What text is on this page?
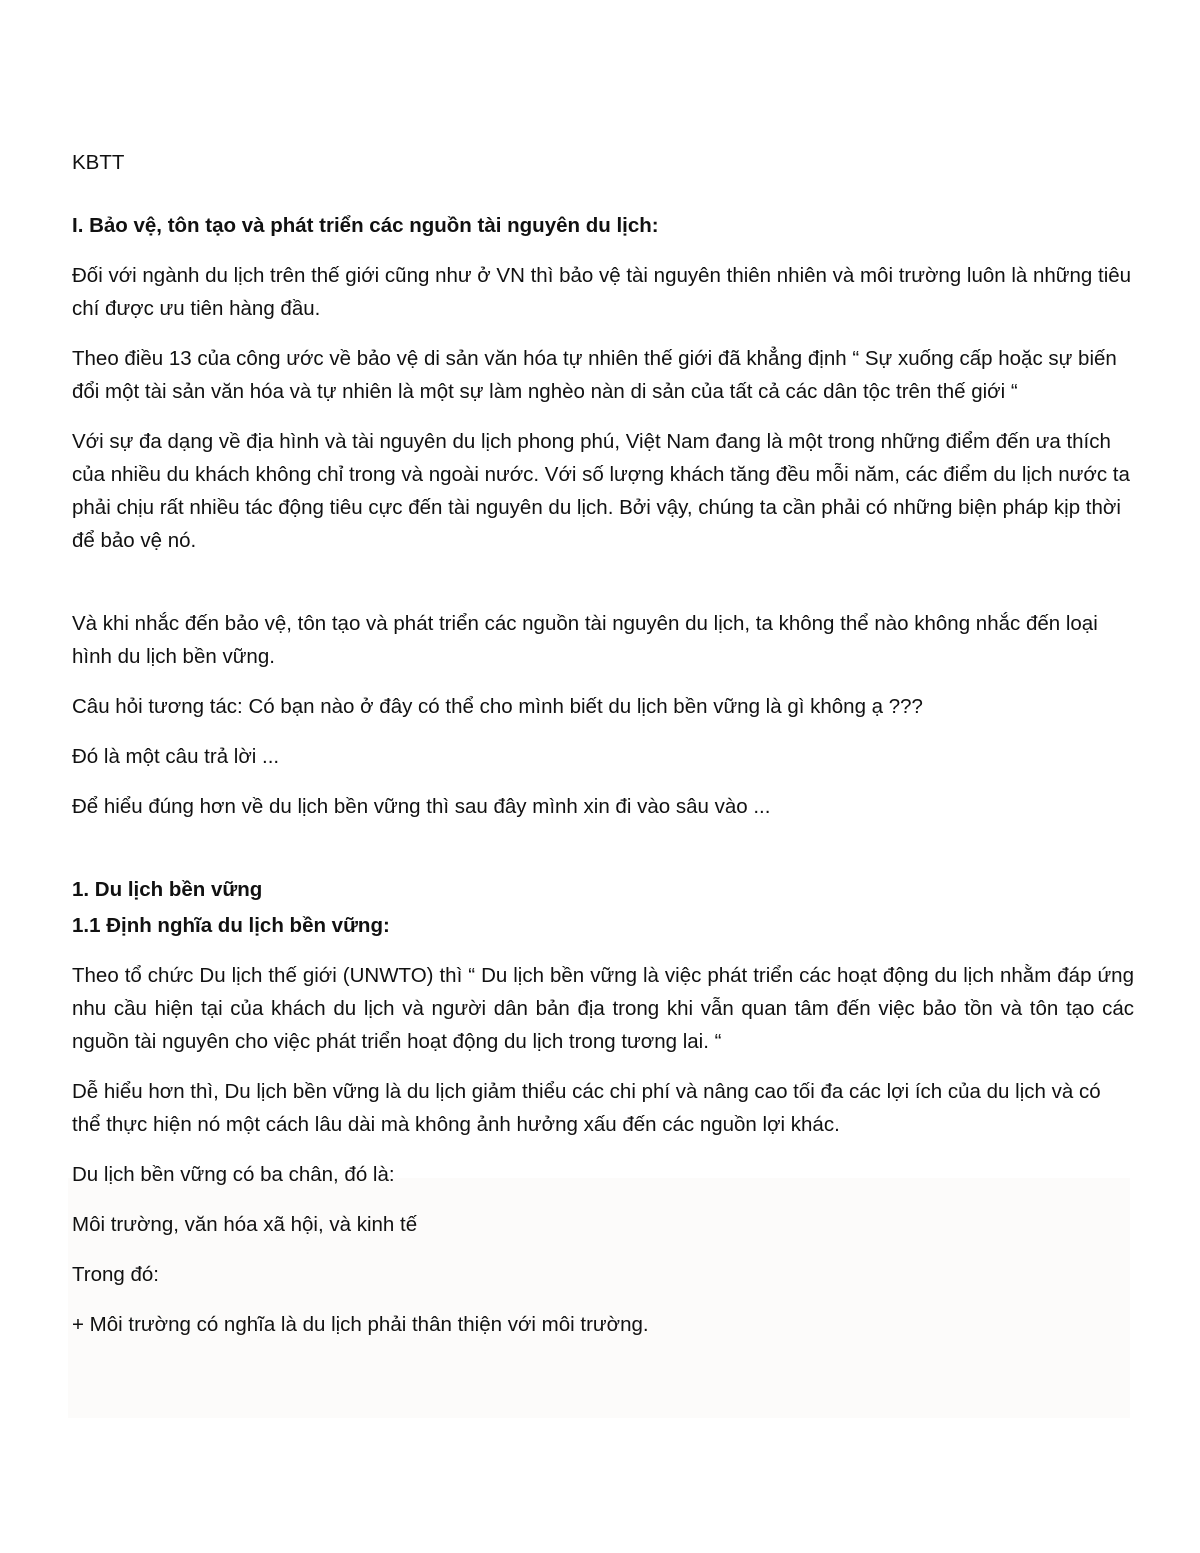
KBTT

I. Bảo vệ, tôn tạo và phát triển các nguồn tài nguyên du lịch:

Đối với ngành du lịch trên thế giới cũng như ở VN thì bảo vệ tài nguyên thiên nhiên và môi trường luôn là những tiêu chí được ưu tiên hàng đầu.

Theo điều 13 của công ước về bảo vệ di sản văn hóa tự nhiên thế giới đã khẳng định “ Sự xuống cấp hoặc sự biến đổi một tài sản văn hóa và tự nhiên là một sự làm nghèo nàn di sản của tất cả các dân tộc trên thế giới “

Với sự đa dạng về địa hình và tài nguyên du lịch phong phú, Việt Nam đang là một trong những điểm đến ưa thích của nhiều du khách không chỉ trong và ngoài nước. Với số lượng khách tăng đều mỗi năm, các điểm du lịch nước ta phải chịu rất nhiều tác động tiêu cực đến tài nguyên du lịch. Bởi vậy, chúng ta cần phải có những biện pháp kịp thời để bảo vệ nó.

Và khi nhắc đến bảo vệ, tôn tạo và phát triển các nguồn tài nguyên du lịch, ta không thể nào không nhắc đến loại hình du lịch bền vững.

Câu hỏi tương tác: Có bạn nào ở đây có thể cho mình biết du lịch bền vững là gì không ạ ???

Đó là một câu trả lời ...

Để hiểu đúng hơn về du lịch bền vững thì sau đây mình xin đi vào sâu vào ...

1. Du lịch bền vững

1.1 Định nghĩa du lịch bền vững:

Theo tổ chức Du lịch thế giới (UNWTO) thì “ Du lịch bền vững là việc phát triển các hoạt động du lịch nhằm đáp ứng nhu cầu hiện tại của khách du lịch và người dân bản địa trong khi vẫn quan tâm đến việc bảo tồn và tôn tạo các nguồn tài nguyên cho việc phát triển hoạt động du lịch trong tương lai. “

Dễ hiểu hơn thì, Du lịch bền vững là du lịch giảm thiểu các chi phí và nâng cao tối đa các lợi ích của du lịch và có thể thực hiện nó một cách lâu dài mà không ảnh hưởng xấu đến các nguồn lợi khác.

Du lịch bền vững có ba chân, đó là:

Môi trường, văn hóa xã hội, và kinh tế

Trong đó:

+ Môi trường có nghĩa là du lịch phải thân thiện với môi trường.
